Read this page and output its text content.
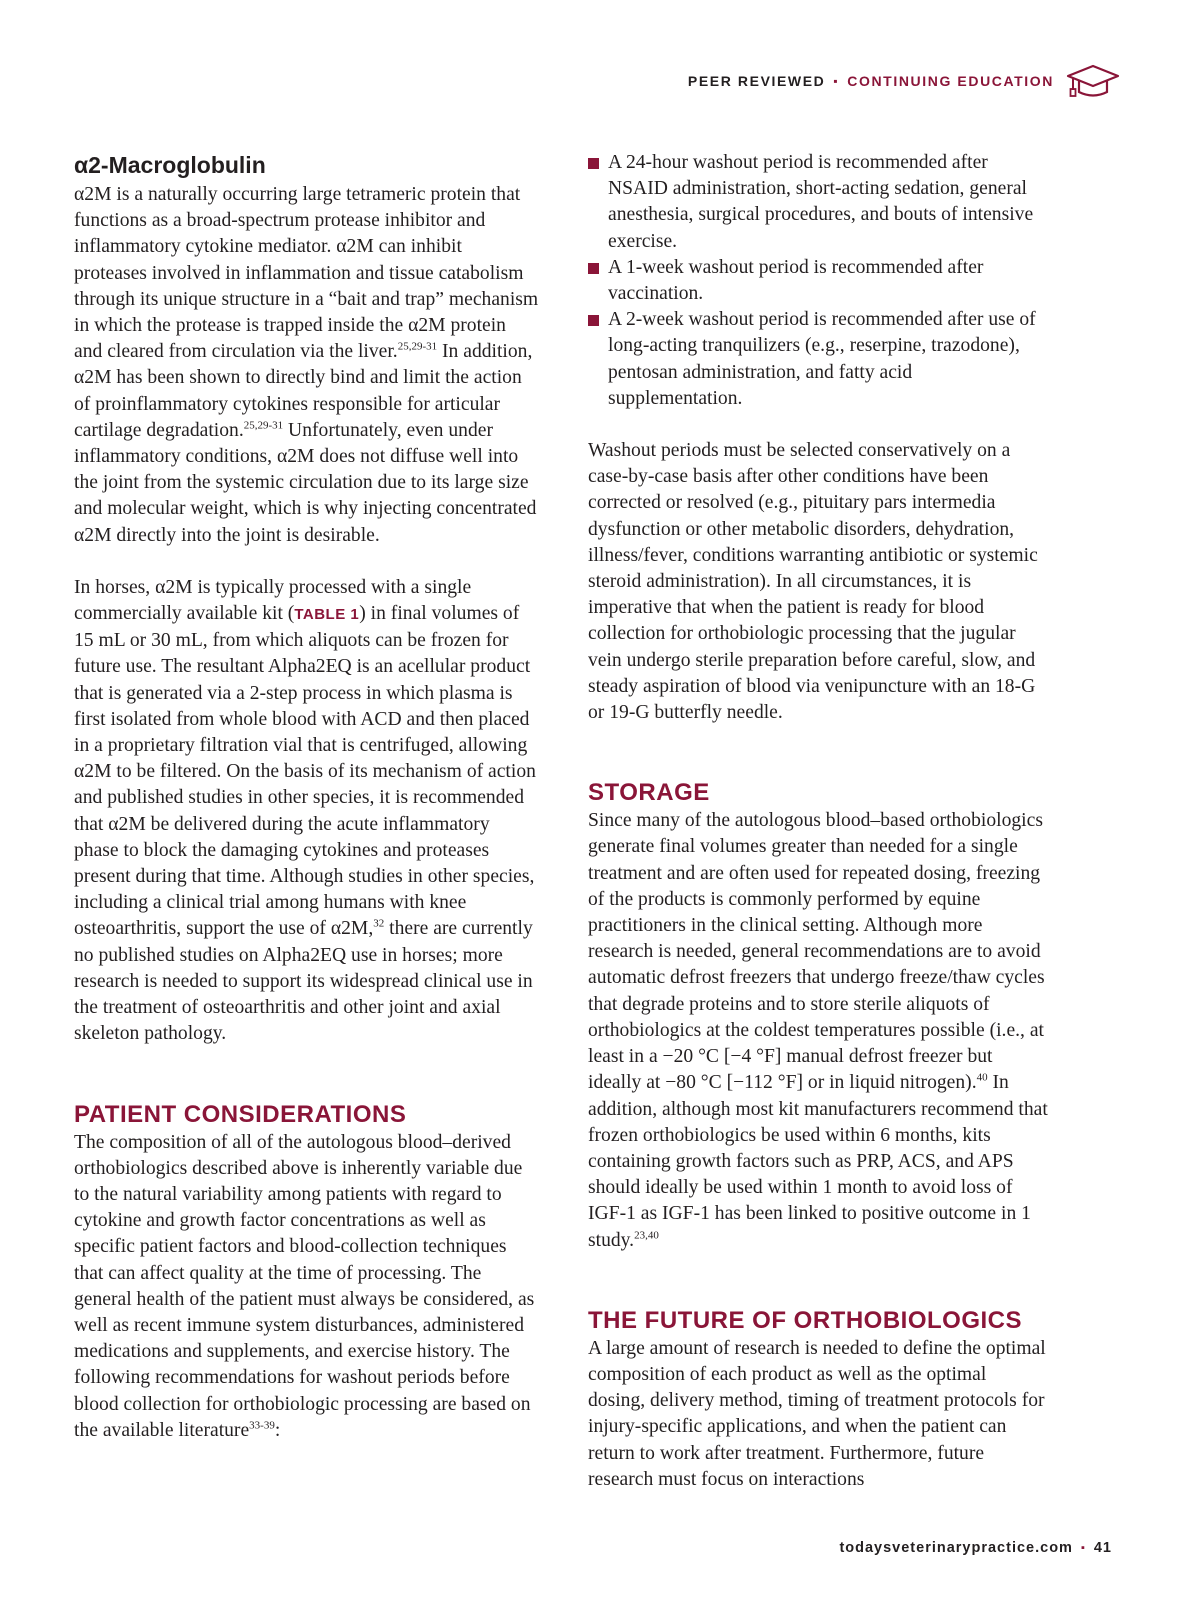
PEER REVIEWED ▪ CONTINUING EDUCATION
α2-Macroglobulin

α2M is a naturally occurring large tetrameric protein that functions as a broad-spectrum protease inhibitor and inflammatory cytokine mediator. α2M can inhibit proteases involved in inflammation and tissue catabolism through its unique structure in a “bait and trap” mechanism in which the protease is trapped inside the α2M protein and cleared from circulation via the liver.$^{25,29-31}$ In addition, α2M has been shown to directly bind and limit the action of proinflammatory cytokines responsible for articular cartilage degradation.$^{25,29-31}$ Unfortunately, even under inflammatory conditions, α2M does not diffuse well into the joint from the systemic circulation due to its large size and molecular weight, which is why injecting concentrated α2M directly into the joint is desirable.

In horses, α2M is typically processed with a single commercially available kit (TABLE 1) in final volumes of 15 mL or 30 mL, from which aliquots can be frozen for future use. The resultant Alpha2EQ is an acellular product that is generated via a 2-step process in which plasma is first isolated from whole blood with ACD and then placed in a proprietary filtration vial that is centrifuged, allowing α2M to be filtered. On the basis of its mechanism of action and published studies in other species, it is recommended that α2M be delivered during the acute inflammatory phase to block the damaging cytokines and proteases present during that time. Although studies in other species, including a clinical trial among humans with knee osteoarthritis, support the use of α2M,$^{32}$ there are currently no published studies on Alpha2EQ use in horses; more research is needed to support its widespread clinical use in the treatment of osteoarthritis and other joint and axial skeleton pathology.

PATIENT CONSIDERATIONS

The composition of all of the autologous blood–derived orthobiologics described above is inherently variable due to the natural variability among patients with regard to cytokine and growth factor concentrations as well as specific patient factors and blood-collection techniques that can affect quality at the time of processing. The general health of the patient must always be considered, as well as recent immune system disturbances, administered medications and supplements, and exercise history. The following recommendations for washout periods before blood collection for orthobiologic processing are based on the available literature$^{33-39}$:

A 24-hour washout period is recommended after NSAID administration, short-acting sedation, general anesthesia, surgical procedures, and bouts of intensive exercise.
A 1-week washout period is recommended after vaccination.
A 2-week washout period is recommended after use of long-acting tranquilizers (e.g., reserpine, trazodone), pentosan administration, and fatty acid supplementation.

Washout periods must be selected conservatively on a case-by-case basis after other conditions have been corrected or resolved (e.g., pituitary pars intermedia dysfunction or other metabolic disorders, dehydration, illness/fever, conditions warranting antibiotic or systemic steroid administration). In all circumstances, it is imperative that when the patient is ready for blood collection for orthobiologic processing that the jugular vein undergo sterile preparation before careful, slow, and steady aspiration of blood via venipuncture with an 18-G or 19-G butterfly needle.

STORAGE

Since many of the autologous blood–based orthobiologics generate final volumes greater than needed for a single treatment and are often used for repeated dosing, freezing of the products is commonly performed by equine practitioners in the clinical setting. Although more research is needed, general recommendations are to avoid automatic defrost freezers that undergo freeze/thaw cycles that degrade proteins and to store sterile aliquots of orthobiologics at the coldest temperatures possible (i.e., at least in a −20 °C [−4 °F] manual defrost freezer but ideally at −80 °C [−112 °F] or in liquid nitrogen).$^{40}$ In addition, although most kit manufacturers recommend that frozen orthobiologics be used within 6 months, kits containing growth factors such as PRP, ACS, and APS should ideally be used within 1 month to avoid loss of IGF-1 as IGF-1 has been linked to positive outcome in 1 study.$^{23,40}$

THE FUTURE OF ORTHOBIOLOGICS

A large amount of research is needed to define the optimal composition of each product as well as the optimal dosing, delivery method, timing of treatment protocols for injury-specific applications, and when the patient can return to work after treatment. Furthermore, future research must focus on interactions

todaysveterinarypractice.com ▪ 41
